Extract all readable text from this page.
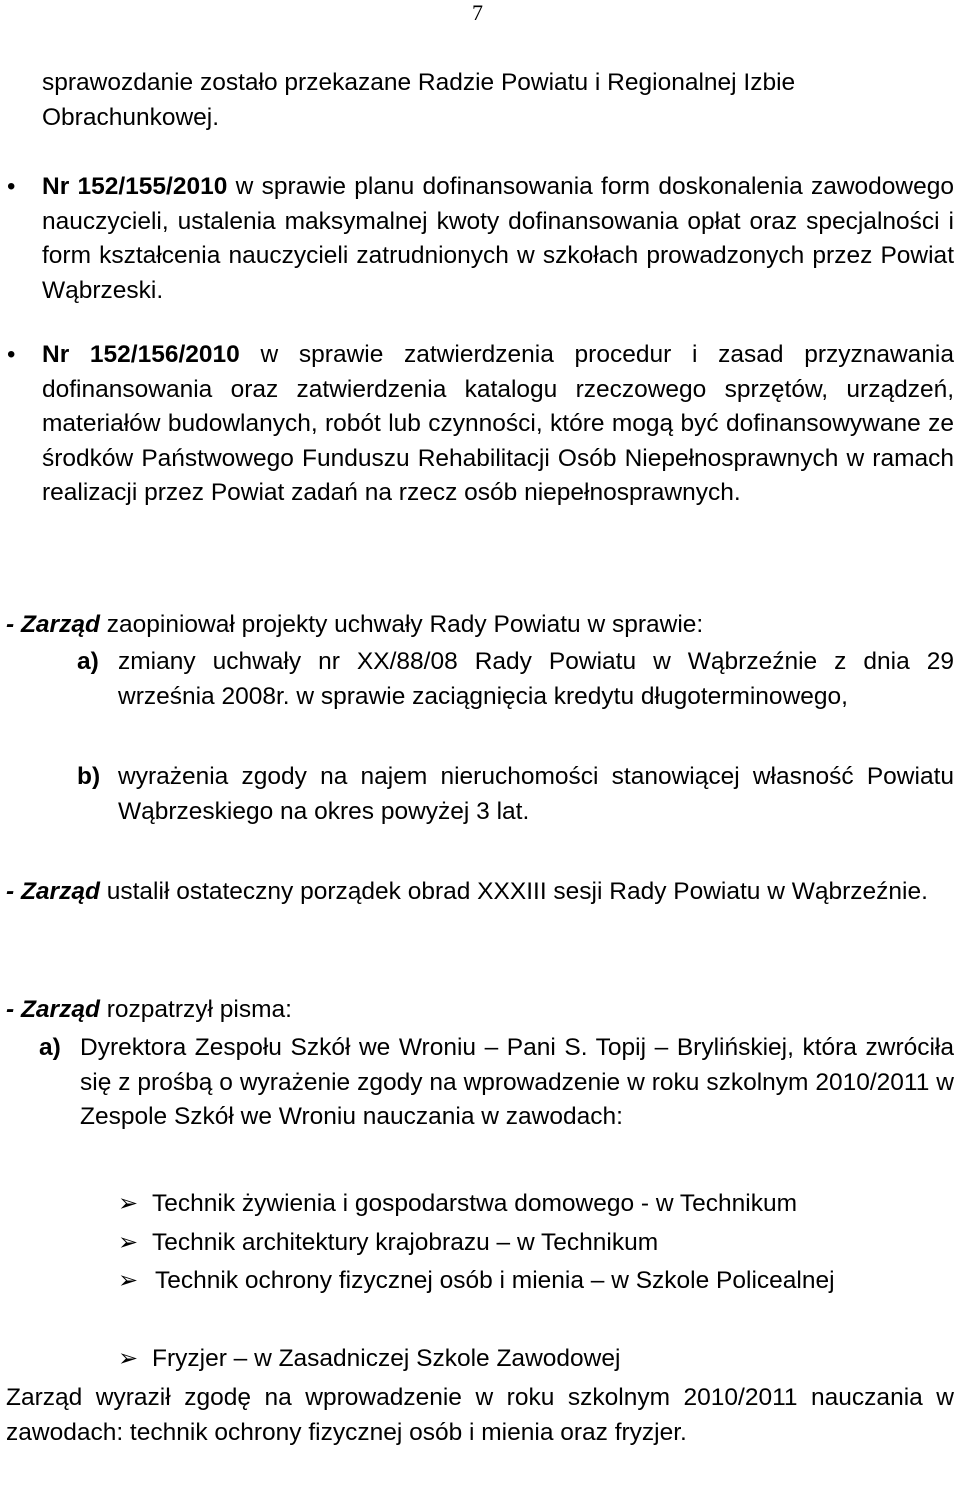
7
sprawozdanie zostało przekazane Radzie Powiatu i Regionalnej Izbie
Obrachunkowej.
• Nr 152/155/2010 w sprawie planu dofinansowania form doskonalenia zawodowego nauczycieli, ustalenia maksymalnej kwoty dofinansowania opłat oraz specjalności i form kształcenia nauczycieli zatrudnionych w szkołach prowadzonych przez Powiat Wąbrzeski.
• Nr 152/156/2010 w sprawie zatwierdzenia procedur i zasad przyznawania dofinansowania oraz zatwierdzenia katalogu rzeczowego sprzętów, urządzeń, materiałów budowlanych, robót lub czynności, które mogą być dofinansowywane ze środków Państwowego Funduszu Rehabilitacji Osób Niepełnosprawnych w ramach realizacji przez Powiat zadań na rzecz osób niepełnosprawnych.
- Zarząd zaopiniował projekty uchwały Rady Powiatu w sprawie:
a) zmiany uchwały nr XX/88/08 Rady Powiatu w Wąbrzeźnie z dnia 29 września 2008r. w sprawie zaciągnięcia kredytu długoterminowego,
b) wyrażenia zgody na najem nieruchomości stanowiącej własność Powiatu Wąbrzeskiego na okres powyżej 3 lat.
- Zarząd ustalił ostateczny porządek obrad XXXIII sesji Rady Powiatu w Wąbrzeźnie.
- Zarząd rozpatrzył pisma:
a) Dyrektora Zespołu Szkół we Wroniu – Pani S. Topij – Brylińskiej, która zwróciła się z prośbą o wyrażenie zgody na wprowadzenie w roku szkolnym 2010/2011 w Zespole Szkół we Wroniu nauczania w zawodach:
➢ Technik żywienia i gospodarstwa domowego - w Technikum
➢ Technik architektury krajobrazu – w Technikum
➢ Technik ochrony fizycznej osób i mienia – w Szkole Policealnej
➢ Fryzjer – w Zasadniczej Szkole Zawodowej
Zarząd wyraził zgodę na wprowadzenie w roku szkolnym 2010/2011 nauczania w zawodach: technik ochrony fizycznej osób i mienia oraz fryzjer.
